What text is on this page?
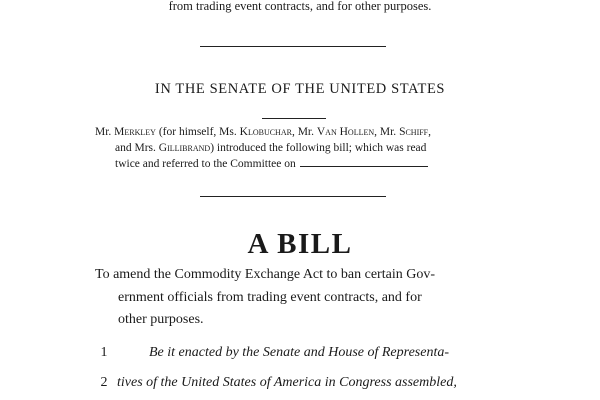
from trading event contracts, and for other purposes.
IN THE SENATE OF THE UNITED STATES
Mr. Merkley (for himself, Ms. Klobuchar, Mr. Van Hollen, Mr. Schiff,
and Mrs. Gillibrand) introduced the following bill; which was read
twice and referred to the Committee on
A BILL
To amend the Commodity Exchange Act to ban certain Gov-
ernment officials from trading event contracts, and for
other purposes.
1	Be it enacted by the Senate and House of Representa-
2 tives of the United States of America in Congress assembled,
